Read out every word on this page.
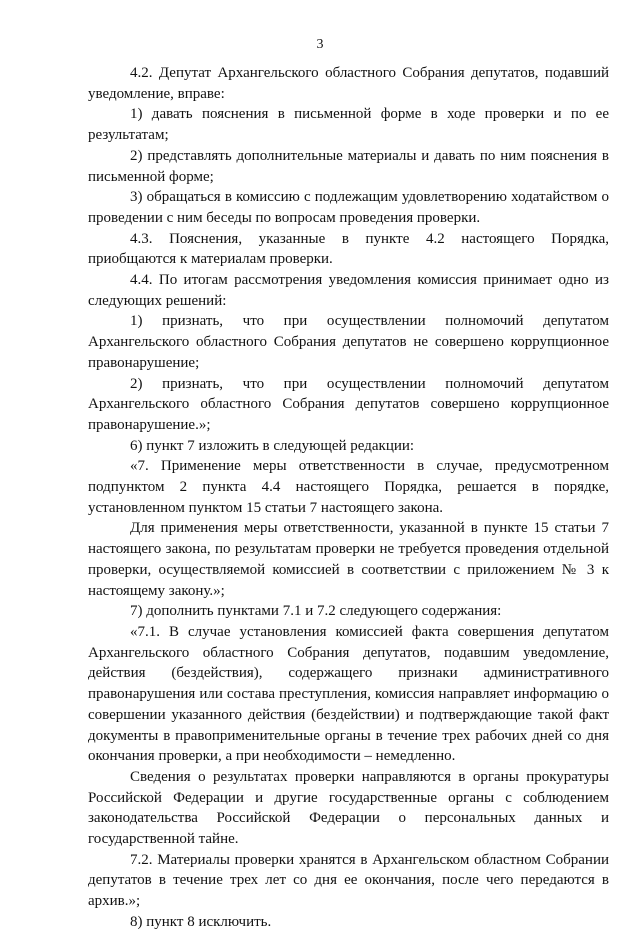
3

4.2. Депутат Архангельского областного Собрания депутатов, подавший уведомление, вправе:

1) давать пояснения в письменной форме в ходе проверки и по ее результатам;

2) представлять дополнительные материалы и давать по ним пояснения в письменной форме;

3) обращаться в комиссию с подлежащим удовлетворению ходатайством о проведении с ним беседы по вопросам проведения проверки.

4.3. Пояснения, указанные в пункте 4.2 настоящего Порядка, приобщаются к материалам проверки.

4.4. По итогам рассмотрения уведомления комиссия принимает одно из следующих решений:

1) признать, что при осуществлении полномочий депутатом Архангельского областного Собрания депутатов не совершено коррупционное правонарушение;

2) признать, что при осуществлении полномочий депутатом Архангельского областного Собрания депутатов совершено коррупционное правонарушение.»;

6) пункт 7 изложить в следующей редакции:

«7. Применение меры ответственности в случае, предусмотренном подпунктом 2 пункта 4.4 настоящего Порядка, решается в порядке, установленном пунктом 15 статьи 7 настоящего закона.

Для применения меры ответственности, указанной в пункте 15 статьи 7 настоящего закона, по результатам проверки не требуется проведения отдельной проверки, осуществляемой комиссией в соответствии с приложением № 3 к настоящему закону.»;

7) дополнить пунктами 7.1 и 7.2 следующего содержания:

«7.1. В случае установления комиссией факта совершения депутатом Архангельского областного Собрания депутатов, подавшим уведомление, действия (бездействия), содержащего признаки административного правонарушения или состава преступления, комиссия направляет информацию о совершении указанного действия (бездействии) и подтверждающие такой факт документы в правоприменительные органы в течение трех рабочих дней со дня окончания проверки, а при необходимости – немедленно.

Сведения о результатах проверки направляются в органы прокуратуры Российской Федерации и другие государственные органы с соблюдением законодательства Российской Федерации о персональных данных и государственной тайне.

7.2. Материалы проверки хранятся в Архангельском областном Собрании депутатов в течение трех лет со дня ее окончания, после чего передаются в архив.»;

8) пункт 8 исключить.
